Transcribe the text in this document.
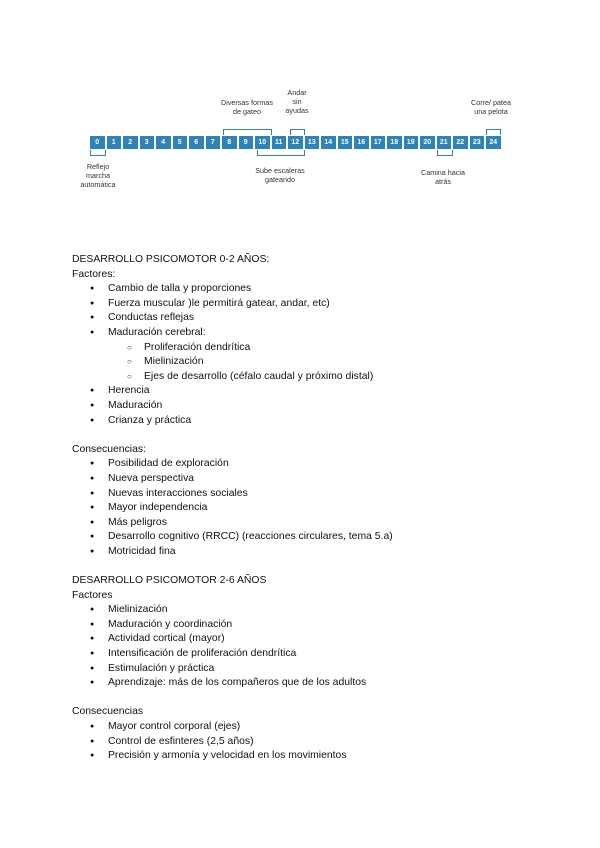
0	1	2	3	4	5	6	7	8	9	10	11	12	13	14	15	16	17	18	19	20	21	22	23	24
Reflejo
marcha
automática
Diversas formas
de gateo
Andar
sin
ayudas
Sube escaleras
gateando
Camina hacia
atrás
Corre/ patea
una pelota

DESARROLLO PSICOMOTOR 0-2 AÑOS:

Factores:

● Cambio de talla y proporciones
● Fuerza muscular )le permitirá gatear, andar, etc)
● Conductas reflejas
● Maduración cerebral:
○ Proliferación dendrítica
○ Mielinización
○ Ejes de desarrollo (céfalo caudal y próximo distal)
● Herencia
● Maduración
● Crianza y práctica

Consecuencias:

● Posibilidad de exploración
● Nueva perspectiva
● Nuevas interacciones sociales
● Mayor independencia
● Más peligros
● Desarrollo cognitivo (RRCC) (reacciones circulares, tema 5.a)
● Motricidad fina

DESARROLLO PSICOMOTOR 2-6 AÑOS

Factores

● Mielinización
● Maduración y coordinación
● Actividad cortical (mayor)
● Intensificación de proliferación dendrítica
● Estimulación y práctica
● Aprendizaje: más de los compañeros que de los adultos

Consecuencias

● Mayor control corporal (ejes)
● Control de esfinteres (2,5 años)
● Precisión y armonía y velocidad en los movimientos
